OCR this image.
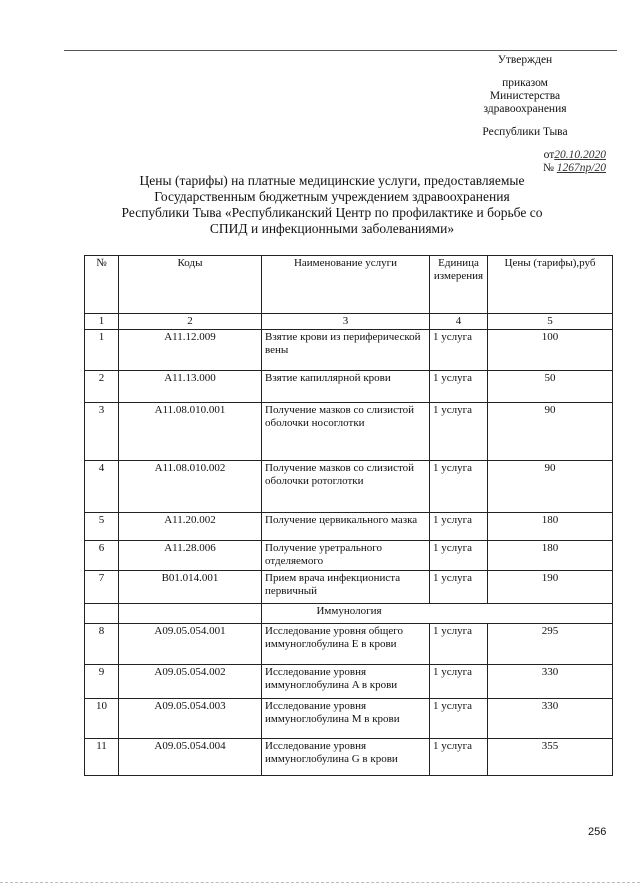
Утвержден
приказом
Министерства
здравоохранения
Республики Тыва
от20.10.2020
№ 1267пр/20
Цены (тарифы) на платные медицинские услуги, предоставляемые Государственным бюджетным учреждением здравоохранения Республики Тыва «Республиканский Центр по профилактике и борьбе со СПИД и инфекционными заболеваниями»
№	Коды	Наименование услуги	Единица измерения	Цены (тарифы),руб
1	2	3	4	5
1	A11.12.009	Взятие крови из периферической вены	1 услуга	100
2	A11.13.000	Взятие капиллярной крови	1 услуга	50
3	A11.08.010.001	Получение мазков со слизистой оболочки носоглотки	1 услуга	90
4	A11.08.010.002	Получение мазков со слизистой оболочки ротоглотки	1 услуга	90
5	A11.20.002	Получение цервикального мазка	1 услуга	180
6	A11.28.006	Получение уретрального отделяемого	1 услуга	180
7	B01.014.001	Прием врача инфекциониста первичный	1 услуга	190

		Иммунология		

8	A09.05.054.001	Исследование уровня общего иммуноглобулина E в крови	1 услуга	295
9	A09.05.054.002	Исследование уровня иммуноглобулина A в крови	1 услуга	330
10	A09.05.054.003	Исследование уровня иммуноглобулина M в крови	1 услуга	330
11	A09.05.054.004	Исследование уровня иммуноглобулина G в крови	1 услуга	355
256
